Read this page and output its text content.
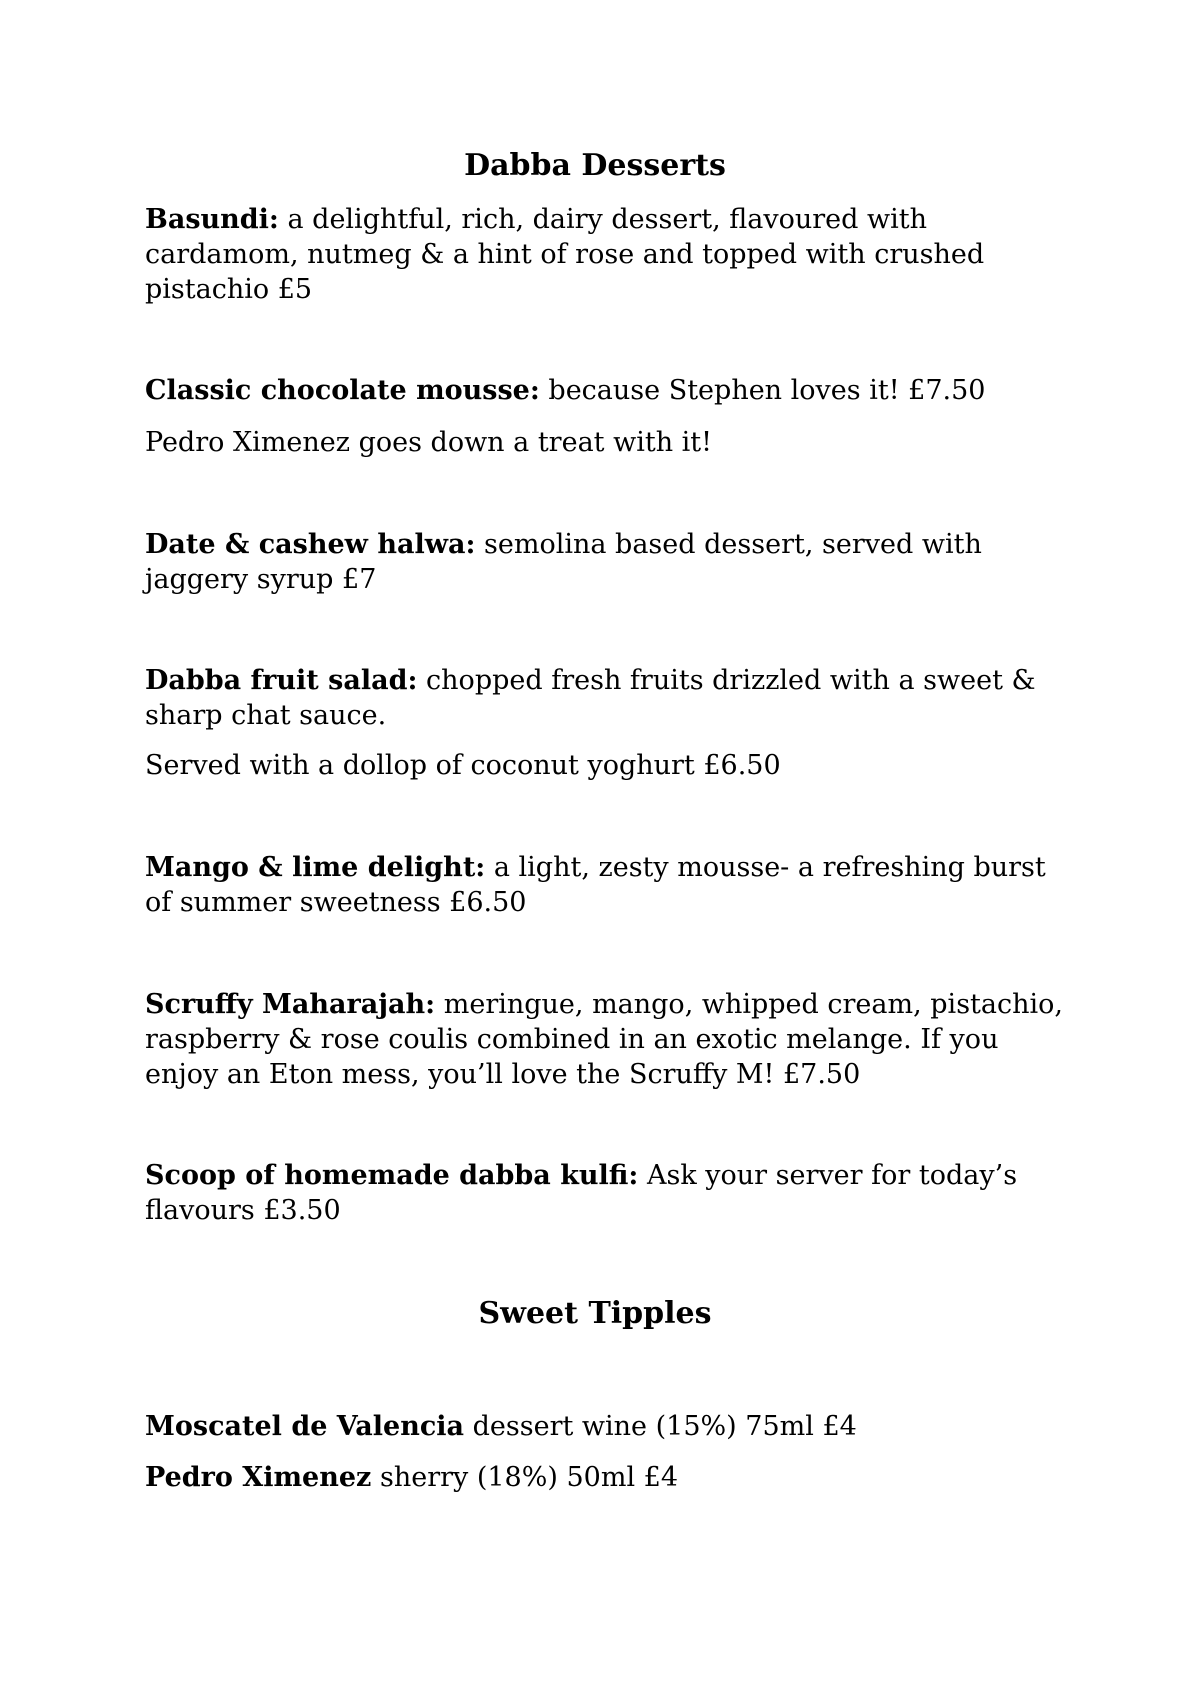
Dabba Desserts

Basundi: a delightful, rich, dairy dessert, flavoured with
cardamom, nutmeg & a hint of rose and topped with crushed
pistachio £5

Classic chocolate mousse: because Stephen loves it! £7.50

Pedro Ximenez goes down a treat with it!

Date & cashew halwa: semolina based dessert, served with
jaggery syrup £7

Dabba fruit salad: chopped fresh fruits drizzled with a sweet &
sharp chat sauce.

Served with a dollop of coconut yoghurt £6.50

Mango & lime delight: a light, zesty mousse- a refreshing burst
of summer sweetness £6.50

Scruffy Maharajah: meringue, mango, whipped cream, pistachio,
raspberry & rose coulis combined in an exotic melange. If you
enjoy an Eton mess, you’ll love the Scruffy M! £7.50

Scoop of homemade dabba kulfi: Ask your server for today’s
flavours £3.50

Sweet Tipples

Moscatel de Valencia dessert wine (15%) 75ml £4

Pedro Ximenez sherry (18%) 50ml £4
